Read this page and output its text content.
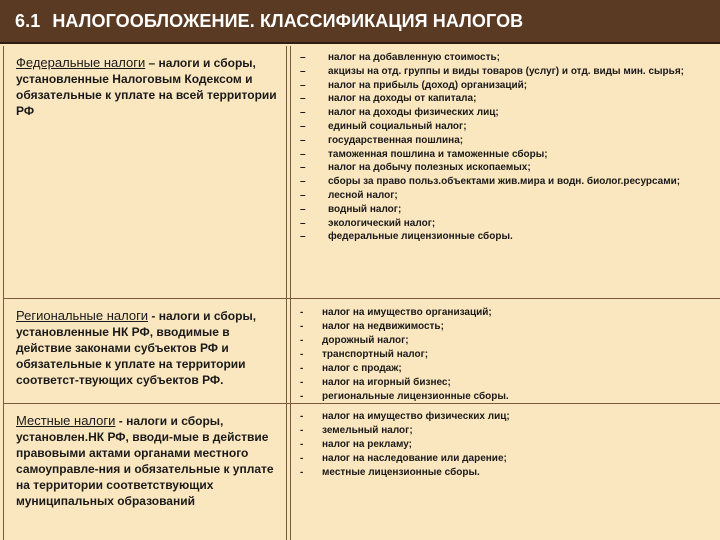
6.1 НАЛОГООБЛОЖЕНИЕ. КЛАССИФИКАЦИЯ НАЛОГОВ
Федеральные налоги – налоги и сборы, установленные Налоговым Кодексом и обязательные к уплате на всей территории РФ
– налог на добавленную стоимость;
– акцизы на отд. группы и виды товаров (услуг) и отд. виды мин. сырья;
– налог на прибыль (доход) организаций;
– налог на доходы от капитала;
– налог на доходы физических лиц;
– единый социальный налог;
– государственная пошлина;
– таможенная пошлина и таможенные сборы;
– налог на добычу полезных ископаемых;
– сборы за право польз.объектами жив.мира и водн. биолог.ресурсами;
– лесной налог;
– водный налог;
– экологический налог;
– федеральные лицензионные сборы.
Региональные налоги - налоги и сборы, установленные НК РФ, вводимые в действие законами субъектов РФ и обязательные к уплате на территории соответст-твующих субъектов РФ.
- налог на имущество организаций;
- налог на недвижимость;
- дорожный налог;
- транспортный налог;
- налог с продаж;
- налог на игорный бизнес;
- региональные лицензионные сборы.
Местные налоги - налоги и сборы, установлен.НК РФ, вводи-мые в действие правовыми актами органами местного самоуправле-ния и обязательные к уплате на территории соответствующих муниципальных образований
- налог на имущество физических лиц;
- земельный налог;
- налог на рекламу;
- налог на наследование или дарение;
- местные лицензионные сборы.
